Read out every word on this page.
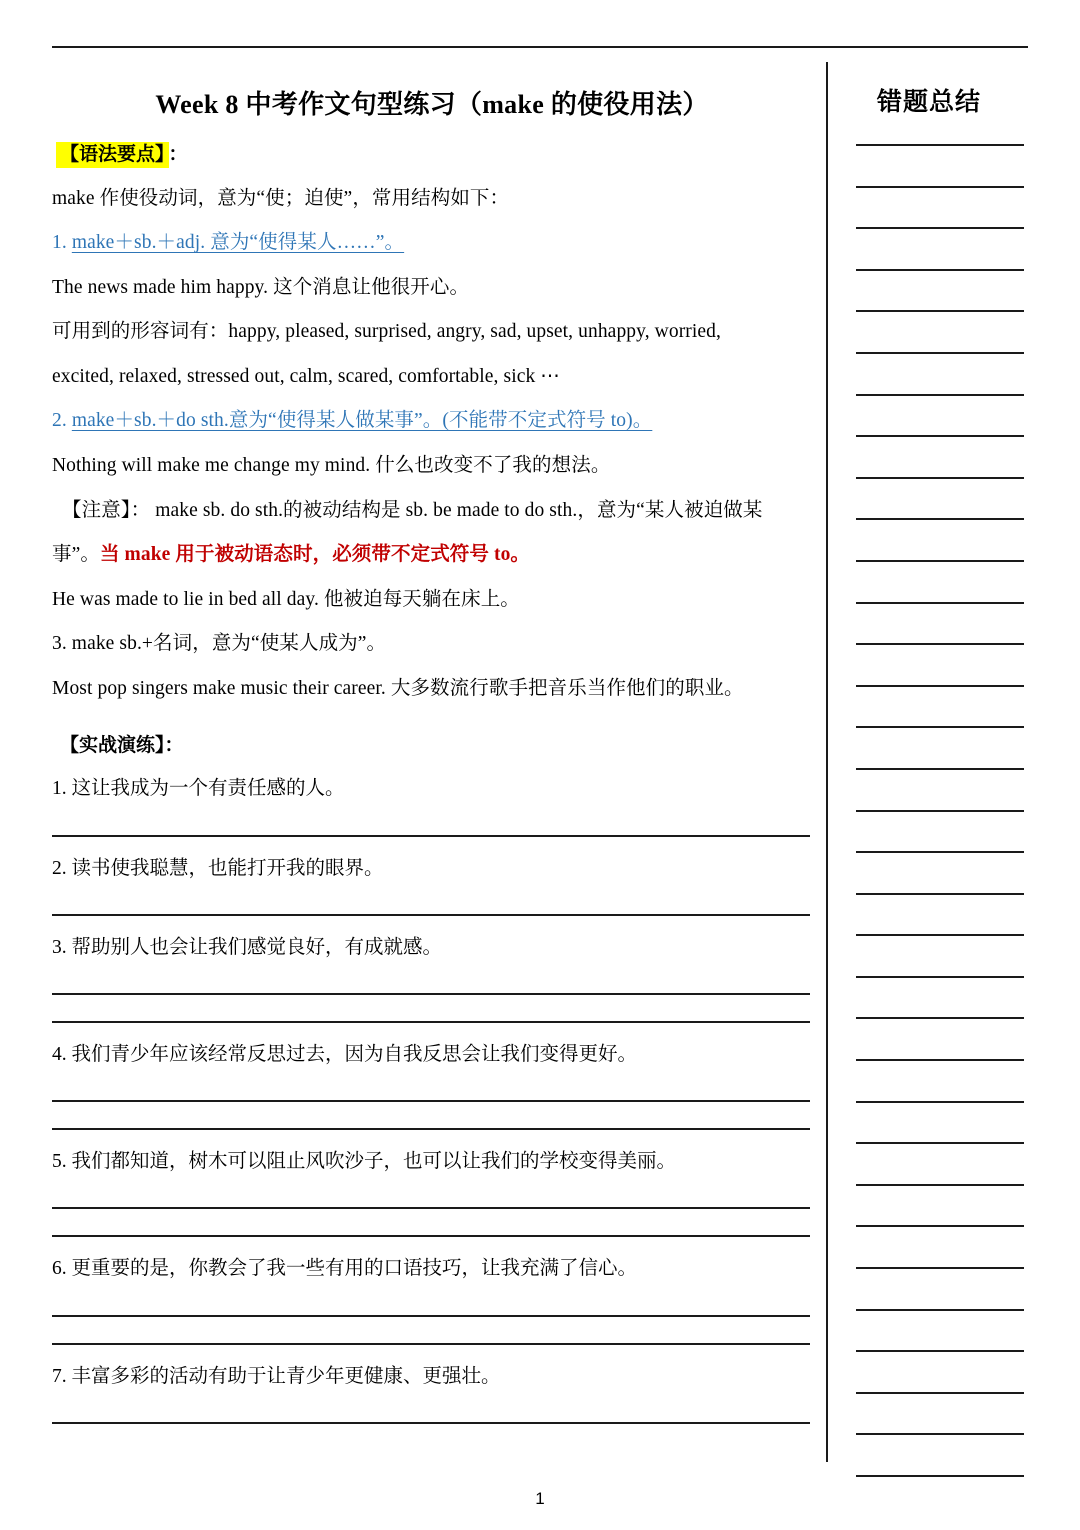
Week 8 中考作文句型练习（make 的使役用法）
【语法要点】 ：
make 作使役动词，意为“使；迫使”，常用结构如下：
1. make＋sb.＋adj. 意为“使得某人……”。
The news made him happy. 这个消息让他很开心。
可用到的形容词有：happy, pleased, surprised, angry, sad, upset, unhappy, worried,
excited, relaxed, stressed out, calm, scared, comfortable, sick ⋯
2. make＋sb.＋do sth.意为“使得某人做某事”。(不能带不定式符号 to)。
Nothing will make me change my mind. 什么也改变不了我的想法。
【注意】： make sb. do sth.的被动结构是 sb. be made to do sth.，意为“某人被迫做某
事”。当 make 用于被动语态时，必须带不定式符号 to。
He was made to lie in bed all day. 他被迫每天躺在床上。
3. make sb.+名词，意为“使某人成为”。
Most pop singers make music their career. 大多数流行歌手把音乐当作他们的职业。
【实战演练】：
1. 这让我成为一个有责任感的人。
2. 读书使我聪慧，也能打开我的眼界。
3. 帮助别人也会让我们感觉良好，有成就感。
4. 我们青少年应该经常反思过去，因为自我反思会让我们变得更好。
5. 我们都知道，树木可以阻止风吹沙子，也可以让我们的学校变得美丽。
6. 更重要的是，你教会了我一些有用的口语技巧，让我充满了信心。
7. 丰富多彩的活动有助于让青少年更健康、更强壮。
错题总结
1
